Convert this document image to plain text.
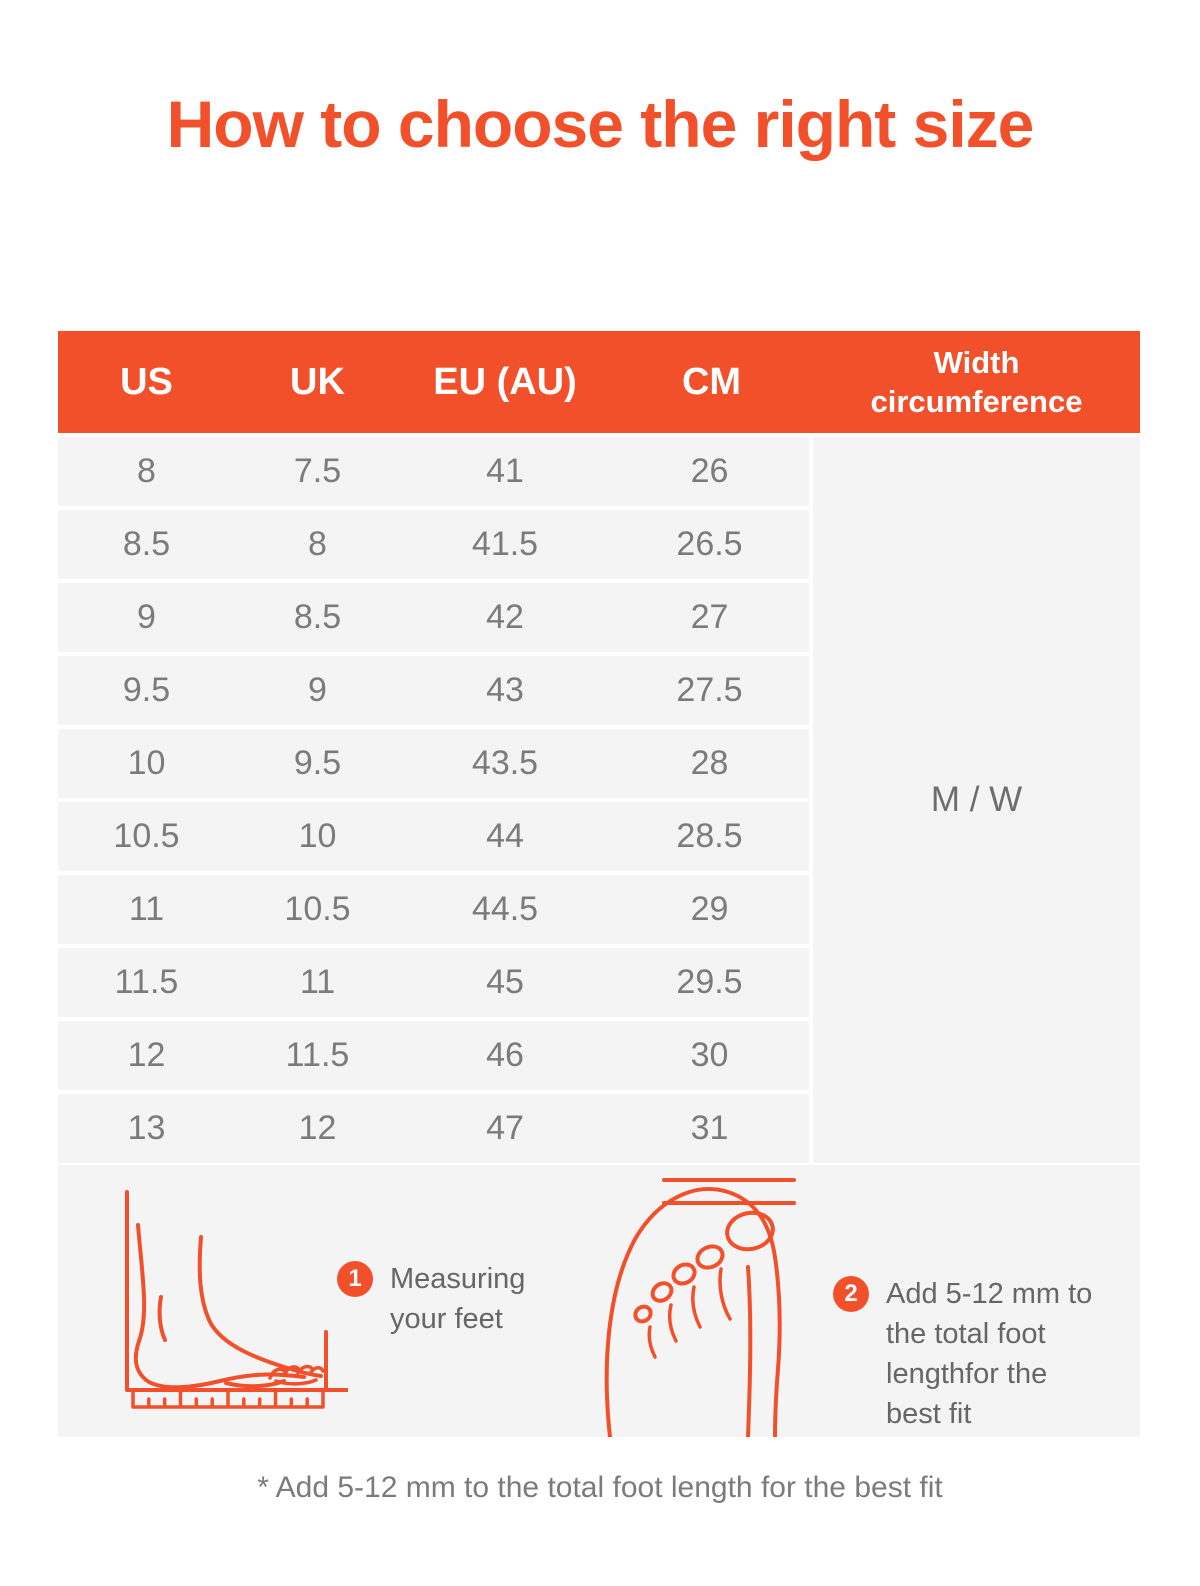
How to choose the right size
US	UK	EU (AU)	CM	Width circumference
8	7.5	41	26
8.5	8	41.5	26.5
9	8.5	42	27
9.5	9	43	27.5
10	9.5	43.5	28
10.5	10	44	28.5
11	10.5	44.5	29
11.5	11	45	29.5
12	11.5	46	30
13	12	47	31
M / W
1 Measuring your feet
2 Add 5-12 mm to the total foot lengthfor the best fit
* Add 5-12 mm to the total foot length for the best fit
